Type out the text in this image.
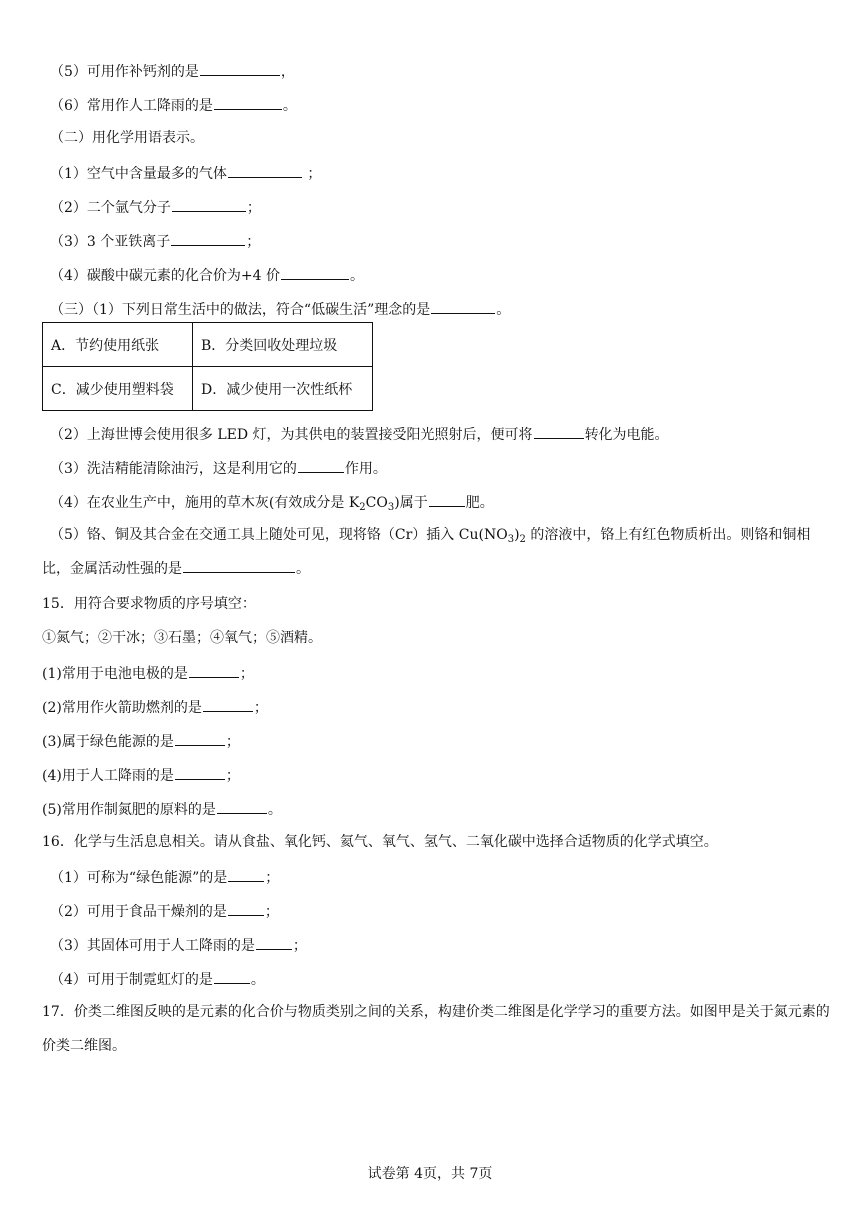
（5）可用作补钙剂的是	，
（6）常用作人工降雨的是	。
（二）用化学用语表示。
（1）空气中含量最多的气体	；
（2）二个氩气分子	；
（3）3 个亚铁离子	；
（4）碳酸中碳元素的化合价为+4 价	。
（三）（1）下列日常生活中的做法，符合“低碳生活”理念的是	。
A．节约使用纸张	B．分类回收处理垃圾
C．减少使用塑料袋	D．减少使用一次性纸杯
（2）上海世博会使用很多 LED 灯，为其供电的装置接受阳光照射后，便可将	转化为电能。
（3）洗洁精能清除油污，这是利用它的	作用。
（4）在农业生产中，施用的草木灰(有效成分是 $K_2CO_3$)属于	肥。
（5）铬、铜及其合金在交通工具上随处可见，现将铬（Cr）插入 $Cu(NO_3)_2$ 的溶液中，铬上有红色物质析出。则铬和铜相比，金属活动性强的是	。
15．用符合要求物质的序号填空：
①氮气；②干冰；③石墨；④氧气；⑤酒精。
(1)常用于电池电极的是	；
(2)常用作火箭助燃剂的是	；
(3)属于绿色能源的是	；
(4)用于人工降雨的是	；
(5)常用作制氮肥的原料的是	。
16．化学与生活息息相关。请从食盐、氧化钙、氦气、氧气、氢气、二氧化碳中选择合适物质的化学式填空。
（1）可称为“绿色能源”的是	；
（2）可用于食品干燥剂的是	；
（3）其固体可用于人工降雨的是	；
（4）可用于制霓虹灯的是	。
17．价类二维图反映的是元素的化合价与物质类别之间的关系，构建价类二维图是化学学习的重要方法。如图甲是关于氮元素的价类二维图。
试卷第 4页，共 7页
